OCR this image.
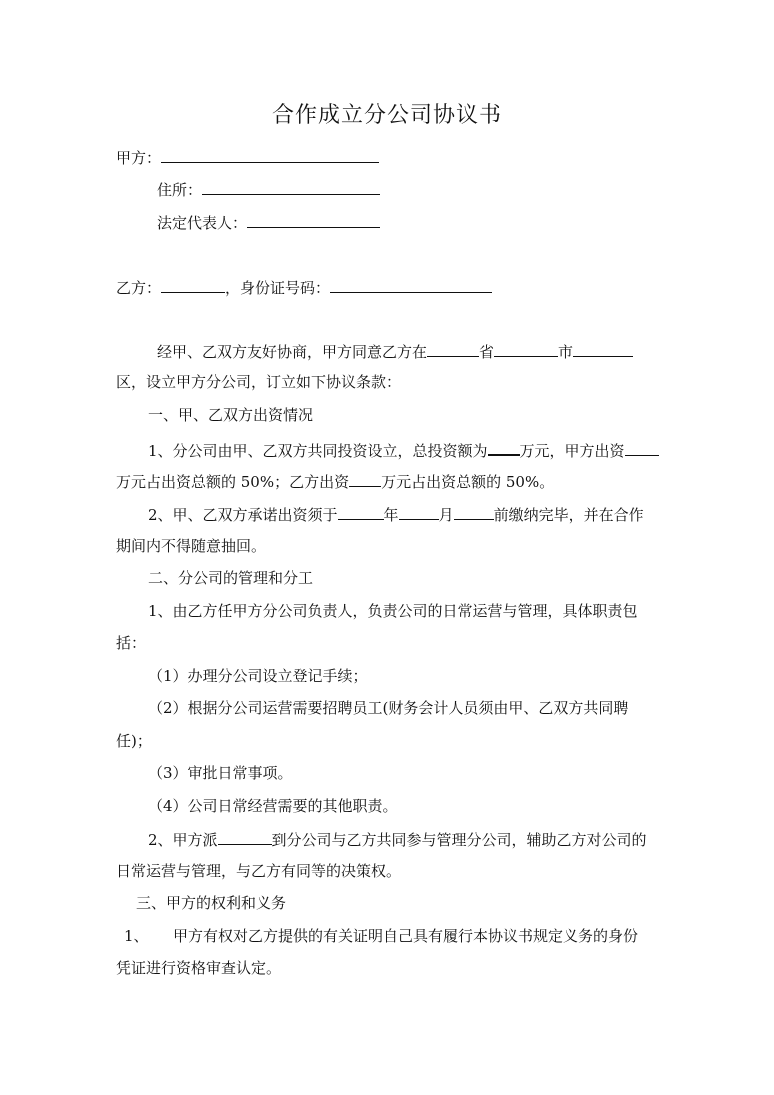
合作成立分公司协议书
甲方：
住所：
法定代表人：
乙方：	，身份证号码：
经甲、乙双方友好协商，甲方同意乙方在	省	市
区，设立甲方分公司，订立如下协议条款：
一、甲、乙双方出资情况
1、分公司由甲、乙双方共同投资设立，总投资额为 万元，甲方出资
万元占出资总额的 50%；乙方出资 万元占出资总额的 50%。
2、甲、乙双方承诺出资须于	年	月	前缴纳完毕，并在合作
期间内不得随意抽回。
二、分公司的管理和分工
1、由乙方任甲方分公司负责人，负责公司的日常运营与管理，具体职责包
括：
（1）办理分公司设立登记手续；
（2）根据分公司运营需要招聘员工(财务会计人员须由甲、乙双方共同聘
任)；
（3）审批日常事项。
（4）公司日常经营需要的其他职责。
2、甲方派	到分公司与乙方共同参与管理分公司，辅助乙方对公司的
日常运营与管理，与乙方有同等的决策权。
三、甲方的权利和义务
1、 甲方有权对乙方提供的有关证明自己具有履行本协议书规定义务的身份
凭证进行资格审查认定。
